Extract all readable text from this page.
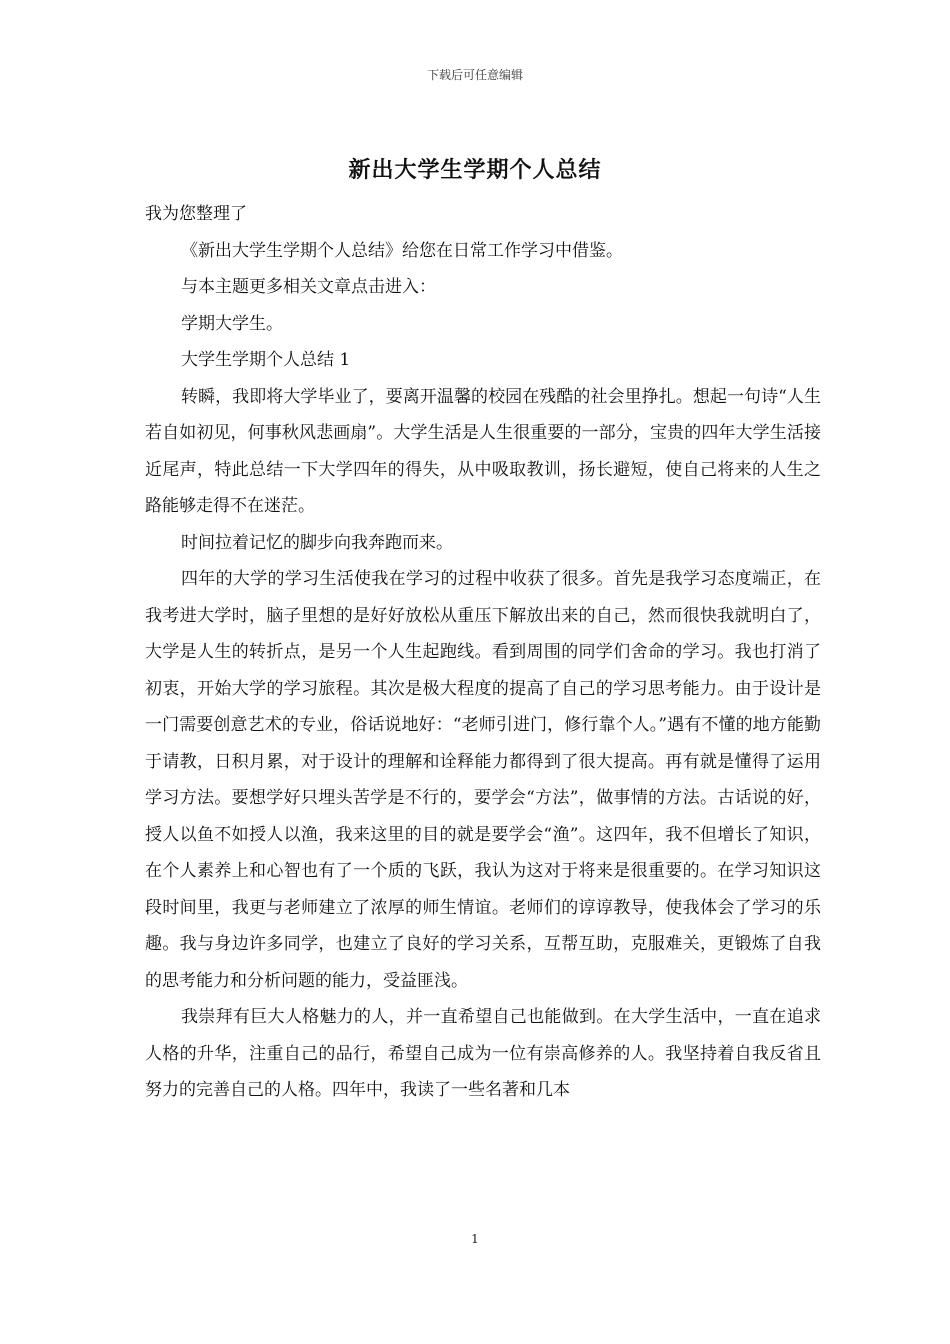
下载后可任意编辑
新出大学生学期个人总结

我为您整理了

《新出大学生学期个人总结》给您在日常工作学习中借鉴。

与本主题更多相关文章点击进入：

学期大学生。

大学生学期个人总结 1

转瞬，我即将大学毕业了，要离开温馨的校园在残酷的社会里挣扎。想起一句诗“人生若自如初见，何事秋风悲画扇”。大学生活是人生很重要的一部分，宝贵的四年大学生活接近尾声，特此总结一下大学四年的得失，从中吸取教训，扬长避短，使自己将来的人生之路能够走得不在迷茫。

时间拉着记忆的脚步向我奔跑而来。

四年的大学的学习生活使我在学习的过程中收获了很多。首先是我学习态度端正，在我考进大学时，脑子里想的是好好放松从重压下解放出来的自己，然而很快我就明白了，大学是人生的转折点，是另一个人生起跑线。看到周围的同学们舍命的学习。我也打消了初衷，开始大学的学习旅程。其次是极大程度的提高了自己的学习思考能力。由于设计是一门需要创意艺术的专业，俗话说地好：“老师引进门，修行靠个人。”遇有不懂的地方能勤于请教，日积月累，对于设计的理解和诠释能力都得到了很大提高。再有就是懂得了运用学习方法。要想学好只埋头苦学是不行的，要学会“方法”，做事情的方法。古话说的好，授人以鱼不如授人以渔，我来这里的目的就是要学会“渔”。这四年，我不但增长了知识，在个人素养上和心智也有了一个质的飞跃，我认为这对于将来是很重要的。在学习知识这段时间里，我更与老师建立了浓厚的师生情谊。老师们的谆谆教导，使我体会了学习的乐趣。我与身边许多同学，也建立了良好的学习关系，互帮互助，克服难关，更锻炼了自我的思考能力和分析问题的能力，受益匪浅。

我崇拜有巨大人格魅力的人，并一直希望自己也能做到。在大学生活中，一直在追求人格的升华，注重自己的品行，希望自己成为一位有崇高修养的人。我坚持着自我反省且努力的完善自己的人格。四年中，我读了一些名著和几本

1
